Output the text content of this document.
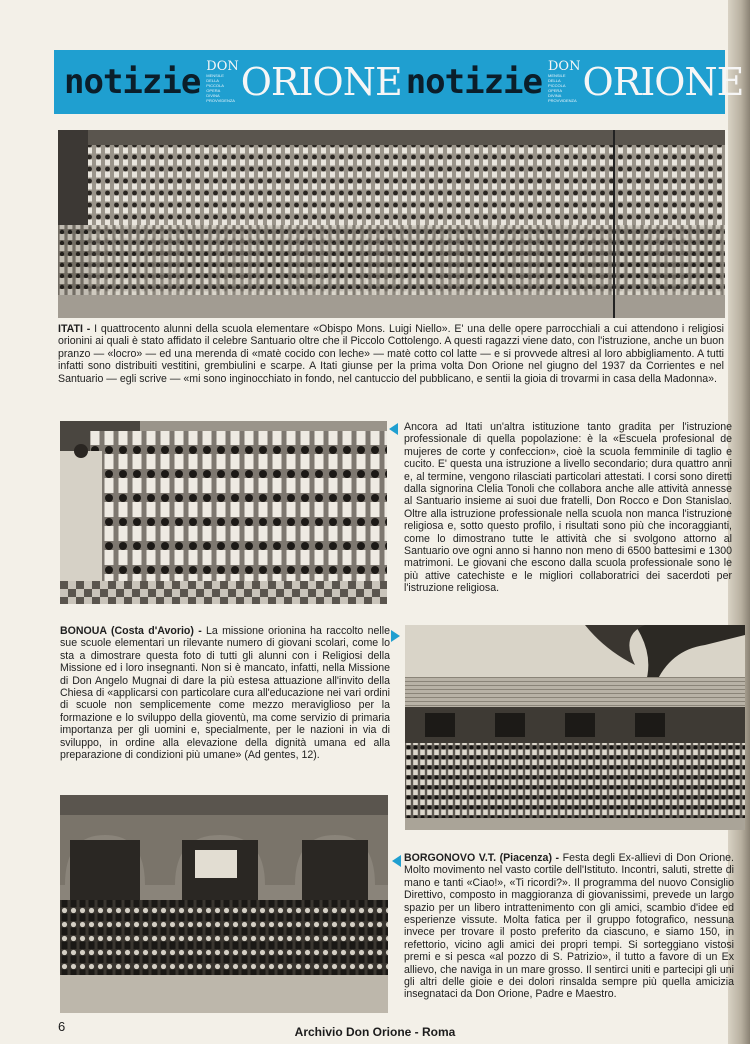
notizie DON
MENSILE
DELLA
PICCOLA
OPERA
DIVINA
PROVVIDENZA ORIONE notizie DON
MENSILE
DELLA
PICCOLA
OPERA
DIVINA
PROVVIDENZA ORIONE

ITATI - I quattrocento alunni della scuola elementare «Obispo Mons. Luigi Niello». E' una delle opere parrocchiali a cui attendono i religiosi orionini ai quali è stato affidato il celebre Santuario oltre che il Piccolo Cottolengo. A questi ragazzi viene dato, con l'istruzione, anche un buon pranzo — «locro» — ed una merenda di «matè cocido con leche» — matè cotto col latte — e si provvede altresì al loro abbigliamento. A tutti infatti sono distribuiti vestitini, grembiulini e scarpe. A Itati giunse per la prima volta Don Orione nel giugno del 1937 da Corrientes e nel Santuario — egli scrive — «mi sono inginocchiato in fondo, nel cantuccio del pubblicano, e sentii la gioia di trovarmi in casa della Madonna».

Ancora ad Itati un'altra istituzione tanto gradita per l'istruzione professionale di quella popolazione: è la «Escuela profesional de mujeres de corte y confeccion», cioè la scuola femminile di taglio e cucito. E' questa una istruzione a livello secondario; dura quattro anni e, al termine, vengono rilasciati particolari attestati. I corsi sono diretti dalla signorina Clelia Tonoli che collabora anche alle attività annesse al Santuario insieme ai suoi due fratelli, Don Rocco e Don Stanislao. Oltre alla istruzione professionale nella scuola non manca l'istruzione religiosa e, sotto questo profilo, i risultati sono più che incoraggianti, come lo dimostrano tutte le attività che si svolgono attorno al Santuario ove ogni anno si hanno non meno di 6500 battesimi e 1300 matrimoni. Le giovani che escono dalla scuola professionale sono le più attive catechiste e le migliori collaboratrici dei sacerdoti per l'istruzione religiosa.

BONOUA (Costa d'Avorio) - La missione orionina ha raccolto nelle sue scuole elementari un rilevante numero di giovani scolari, come lo sta a dimostrare questa foto di tutti gli alunni con i Religiosi della Missione ed i loro insegnanti. Non si è mancato, infatti, nella Missione di Don Angelo Mugnai di dare la più estesa attuazione all'invito della Chiesa di «applicarsi con particolare cura all'educazione nei vari ordini di scuole non semplicemente come mezzo meraviglioso per la formazione e lo sviluppo della gioventù, ma come servizio di primaria importanza per gli uomini e, specialmente, per le nazioni in via di sviluppo, in ordine alla elevazione della dignità umana ed alla preparazione di condizioni più umane» (Ad gentes, 12).

BORGONOVO V.T. (Piacenza) - Festa degli Ex-allievi di Don Orione. Molto movimento nel vasto cortile dell'Istituto. Incontri, saluti, strette di mano e tanti «Ciao!», «Ti ricordi?». Il programma del nuovo Consiglio Direttivo, composto in maggioranza di giovanissimi, prevede un largo spazio per un libero intrattenimento con gli amici, scambio d'idee ed esperienze vissute. Molta fatica per il gruppo fotografico, nessuna invece per trovare il posto preferito da ciascuno, e siamo 150, in refettorio, vicino agli amici dei propri tempi. Si sorteggiano vistosi premi e si pesca «al pozzo di S. Patrizio», il tutto a favore di un Ex allievo, che naviga in un mare grosso. Il sentirci uniti e partecipi gli uni gli altri delle gioie e dei dolori rinsalda sempre più quella amicizia insegnataci da Don Orione, Padre e Maestro.

6	Archivio Don Orione - Roma
